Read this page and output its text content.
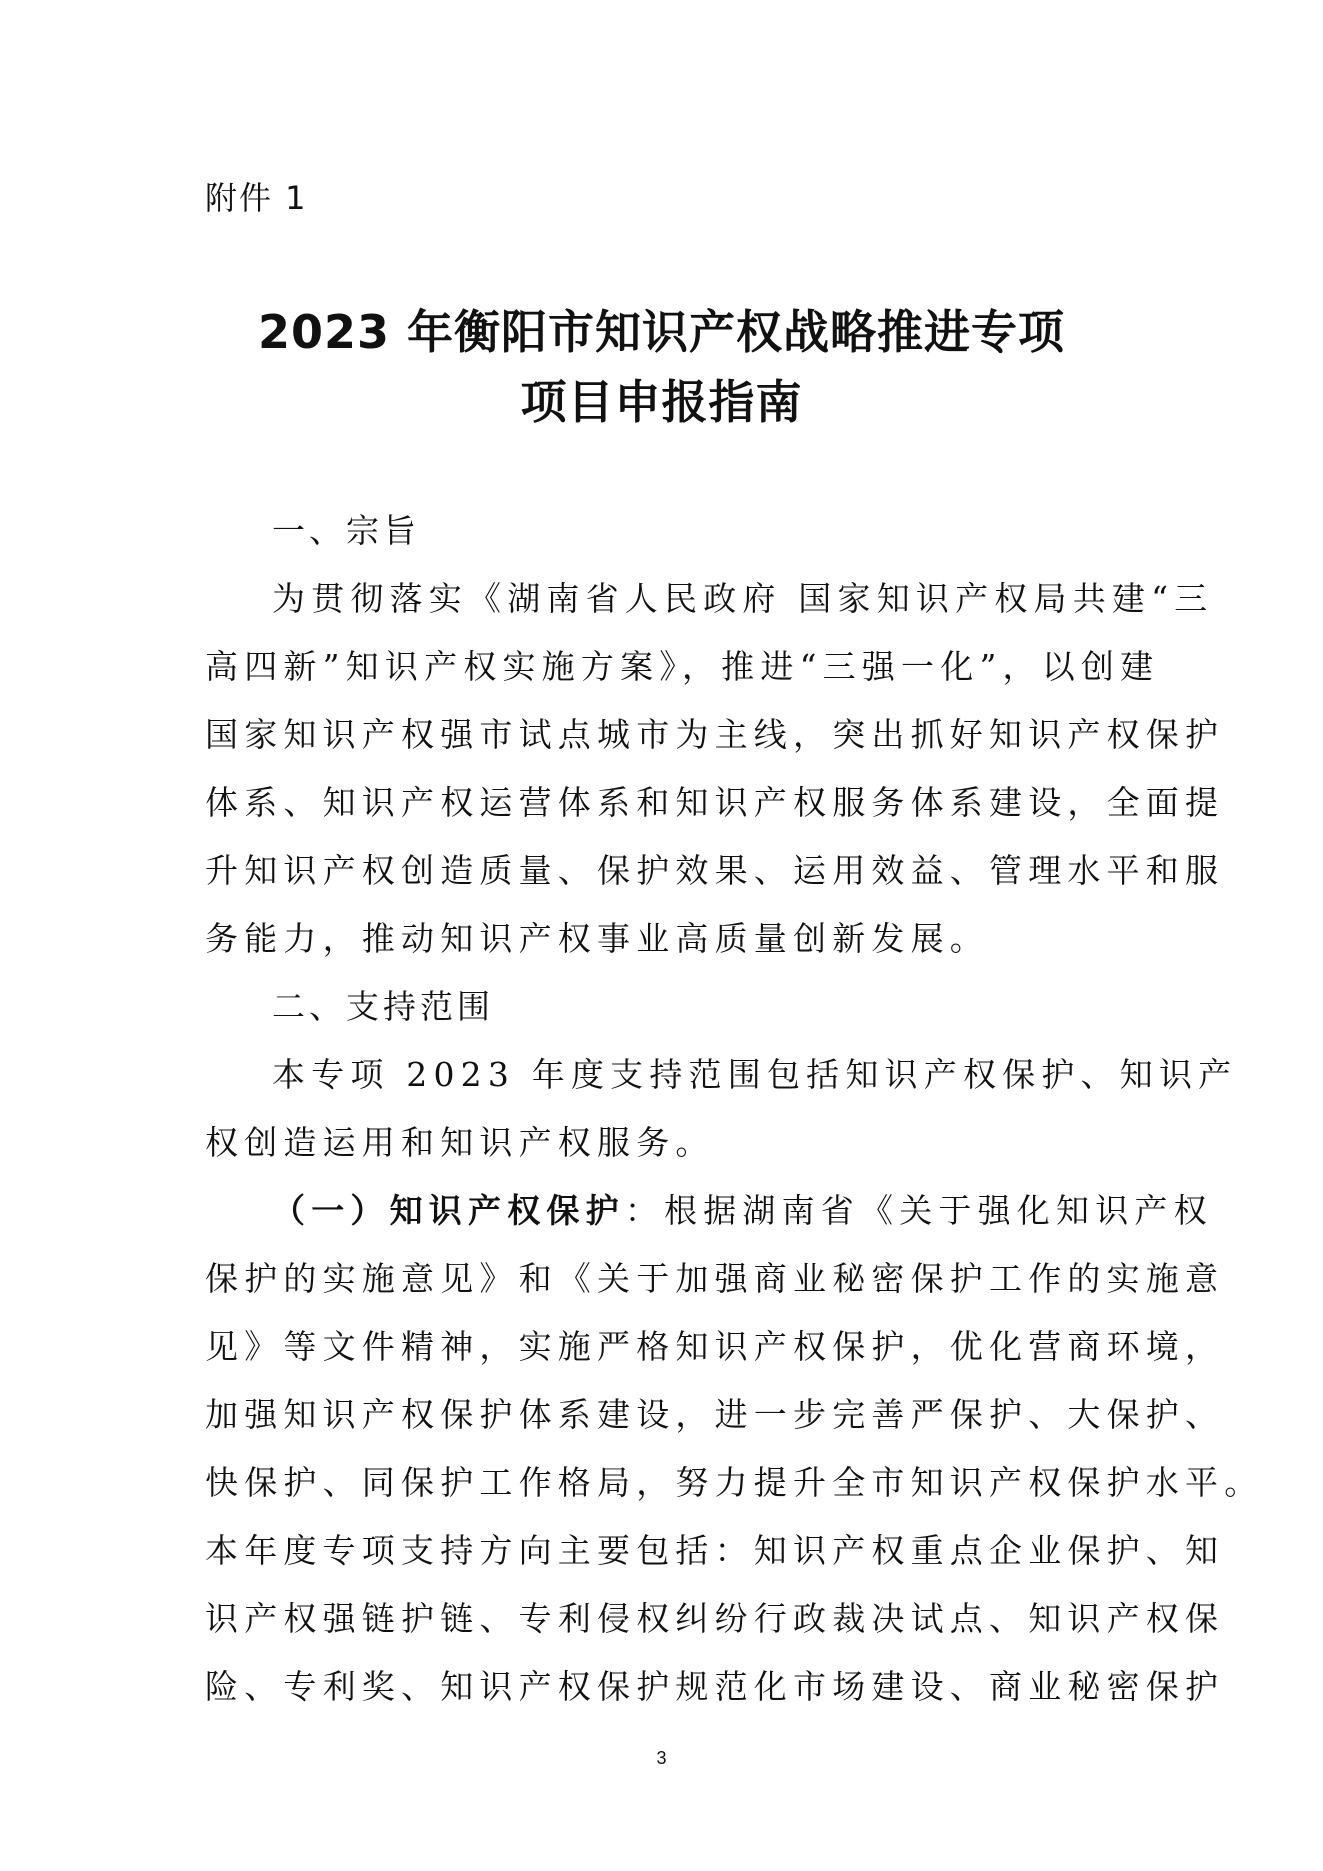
附件 1
2023 年衡阳市知识产权战略推进专项
项目申报指南
一、宗旨
为贯彻落实《湖南省人民政府 国家知识产权局共建“三
高四新”知识产权实施方案》，推进“三强一化”，以创建
国家知识产权强市试点城市为主线，突出抓好知识产权保护
体系、知识产权运营体系和知识产权服务体系建设，全面提
升知识产权创造质量、保护效果、运用效益、管理水平和服
务能力，推动知识产权事业高质量创新发展。
二、支持范围
本专项 2023 年度支持范围包括知识产权保护、知识产
权创造运用和知识产权服务。
（一）知识产权保护：根据湖南省《关于强化知识产权
保护的实施意见》和《关于加强商业秘密保护工作的实施意
见》等文件精神，实施严格知识产权保护，优化营商环境，
加强知识产权保护体系建设，进一步完善严保护、大保护、
快保护、同保护工作格局，努力提升全市知识产权保护水平。
本年度专项支持方向主要包括：知识产权重点企业保护、知
识产权强链护链、专利侵权纠纷行政裁决试点、知识产权保
险、专利奖、知识产权保护规范化市场建设、商业秘密保护
3
